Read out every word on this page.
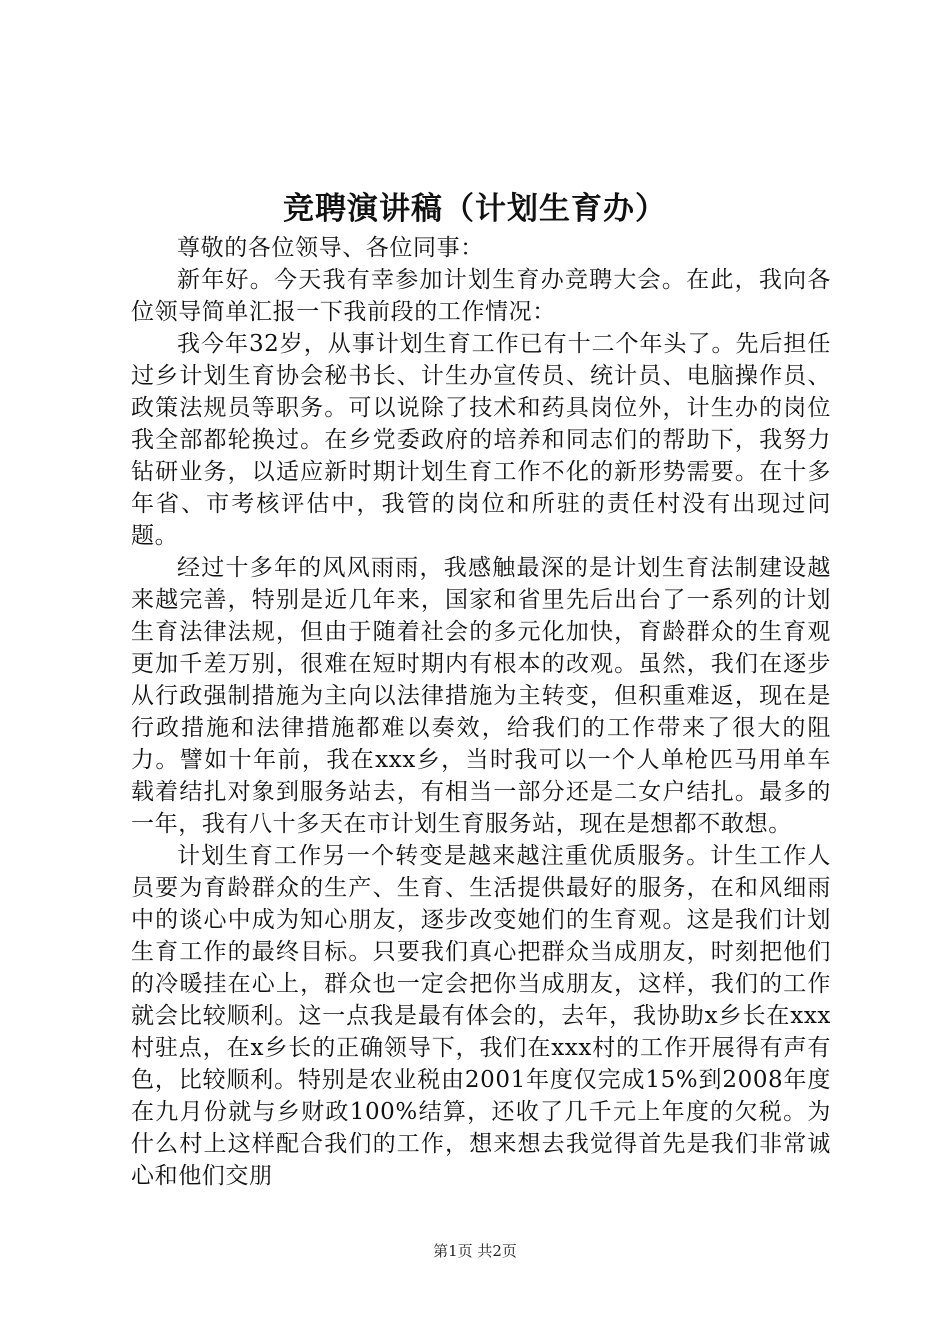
竞聘演讲稿（计划生育办）

尊敬的各位领导、各位同事：

新年好。今天我有幸参加计划生育办竞聘大会。在此，我向各位领导简单汇报一下我前段的工作情况：

我今年32岁，从事计划生育工作已有十二个年头了。先后担任过乡计划生育协会秘书长、计生办宣传员、统计员、电脑操作员、政策法规员等职务。可以说除了技术和药具岗位外，计生办的岗位我全部都轮换过。在乡党委政府的培养和同志们的帮助下，我努力钻研业务，以适应新时期计划生育工作不化的新形势需要。在十多年省、市考核评估中，我管的岗位和所驻的责任村没有出现过问题。

经过十多年的风风雨雨，我感触最深的是计划生育法制建设越来越完善，特别是近几年来，国家和省里先后出台了一系列的计划生育法律法规，但由于随着社会的多元化加快，育龄群众的生育观更加千差万别，很难在短时期内有根本的改观。虽然，我们在逐步从行政强制措施为主向以法律措施为主转变，但积重难返，现在是行政措施和法律措施都难以奏效，给我们的工作带来了很大的阻力。譬如十年前，我在xxx乡，当时我可以一个人单枪匹马用单车载着结扎对象到服务站去，有相当一部分还是二女户结扎。最多的一年，我有八十多天在市计划生育服务站，现在是想都不敢想。

计划生育工作另一个转变是越来越注重优质服务。计生工作人员要为育龄群众的生产、生育、生活提供最好的服务，在和风细雨中的谈心中成为知心朋友，逐步改变她们的生育观。这是我们计划生育工作的最终目标。只要我们真心把群众当成朋友，时刻把他们的冷暖挂在心上，群众也一定会把你当成朋友，这样，我们的工作就会比较顺利。这一点我是最有体会的，去年，我协助x乡长在xxx村驻点，在x乡长的正确领导下，我们在xxx村的工作开展得有声有色，比较顺利。特别是农业税由2001年度仅完成15%到2008年度在九月份就与乡财政100%结算，还收了几千元上年度的欠税。为什么村上这样配合我们的工作，想来想去我觉得首先是我们非常诚心和他们交朋

第1页 共2页
